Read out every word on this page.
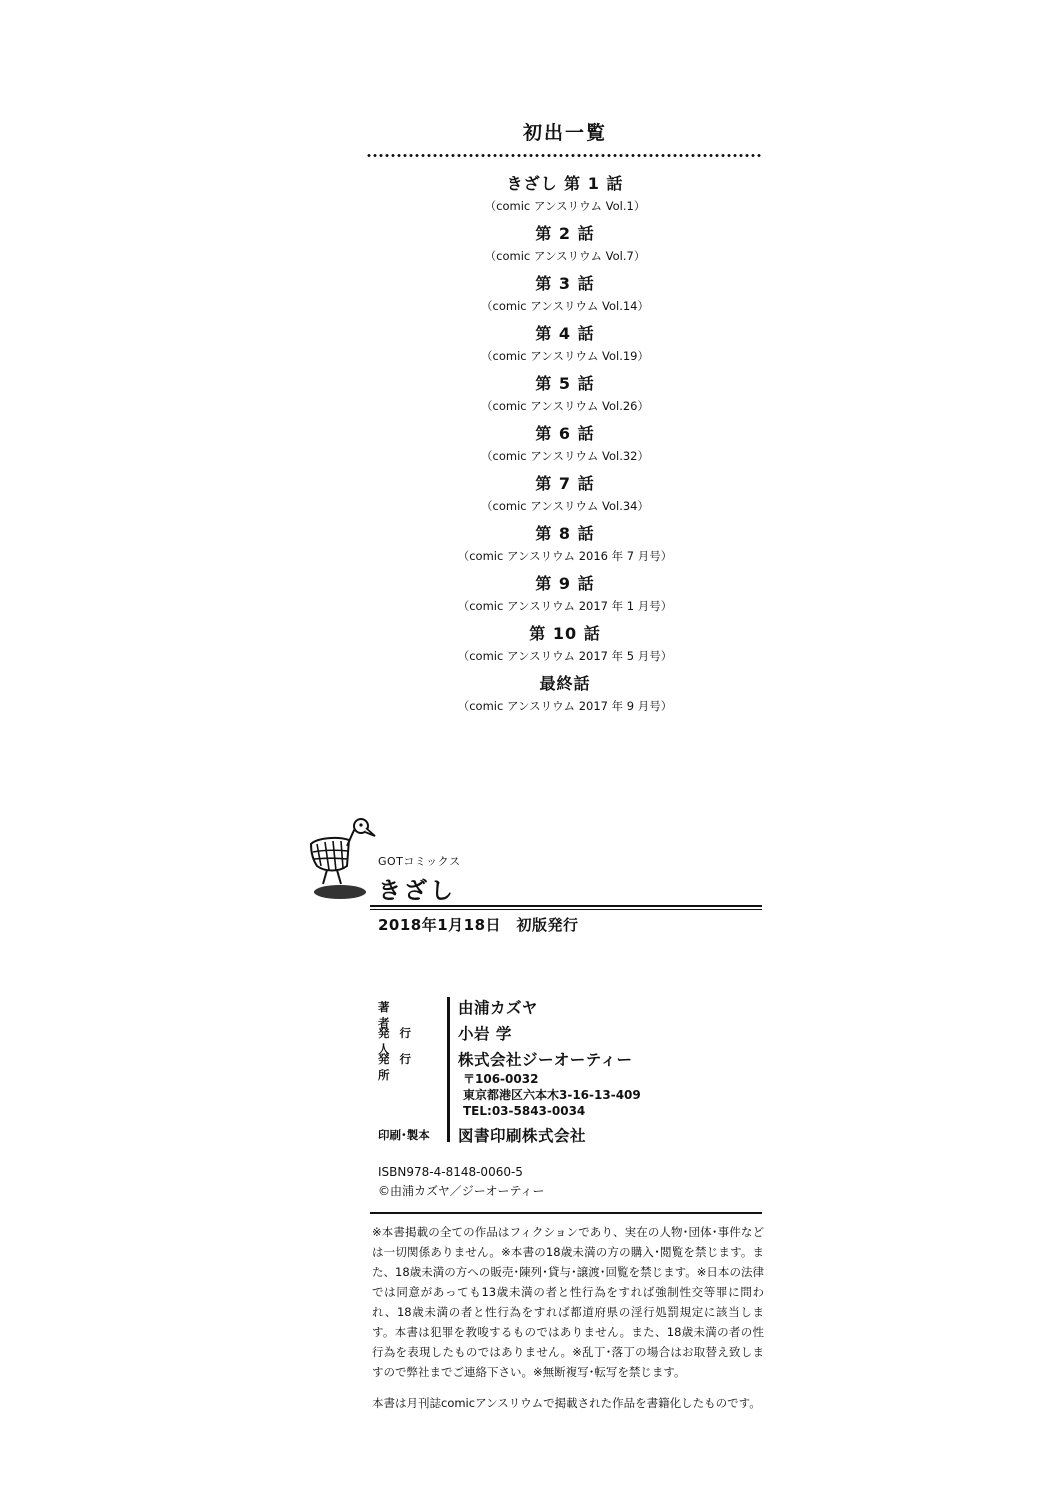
初出一覧
きざし 第 1 話
（comic アンスリウム Vol.1）
第 2 話
（comic アンスリウム Vol.7）
第 3 話
（comic アンスリウム Vol.14）
第 4 話
（comic アンスリウム Vol.19）
第 5 話
（comic アンスリウム Vol.26）
第 6 話
（comic アンスリウム Vol.32）
第 7 話
（comic アンスリウム Vol.34）
第 8 話
（comic アンスリウム 2016 年 7 月号）
第 9 話
（comic アンスリウム 2017 年 1 月号）
第 10 話
（comic アンスリウム 2017 年 5 月号）
最終話
（comic アンスリウム 2017 年 9 月号）
GOTコミックス
きざし
2018年1月18日　初版発行
著者
発行人
発行所
印刷･製本
由浦カズヤ
小岩 学
株式会社ジーオーティー
〒106-0032
東京都港区六本木3-16-13-409
TEL:03-5843-0034
図書印刷株式会社
ISBN978-4-8148-0060-5
©由浦カズヤ／ジーオーティー
※本書掲載の全ての作品はフィクションであり、実在の人物･団体･事件などは一切関係ありません。※本書の18歳未満の方の購入･閲覧を禁じます。また、18歳未満の方への販売･陳列･貸与･譲渡･回覧を禁じます。※日本の法律では同意があっても13歳未満の者と性行為をすれば強制性交等罪に問われ、18歳未満の者と性行為をすれば都道府県の淫行処罰規定に該当します。本書は犯罪を教唆するものではありません。また、18歳未満の者の性行為を表現したものではありません。※乱丁･落丁の場合はお取替え致しますので弊社までご連絡下さい。※無断複写･転写を禁じます。
本書は月刊誌comicアンスリウムで掲載された作品を書籍化したものです。
